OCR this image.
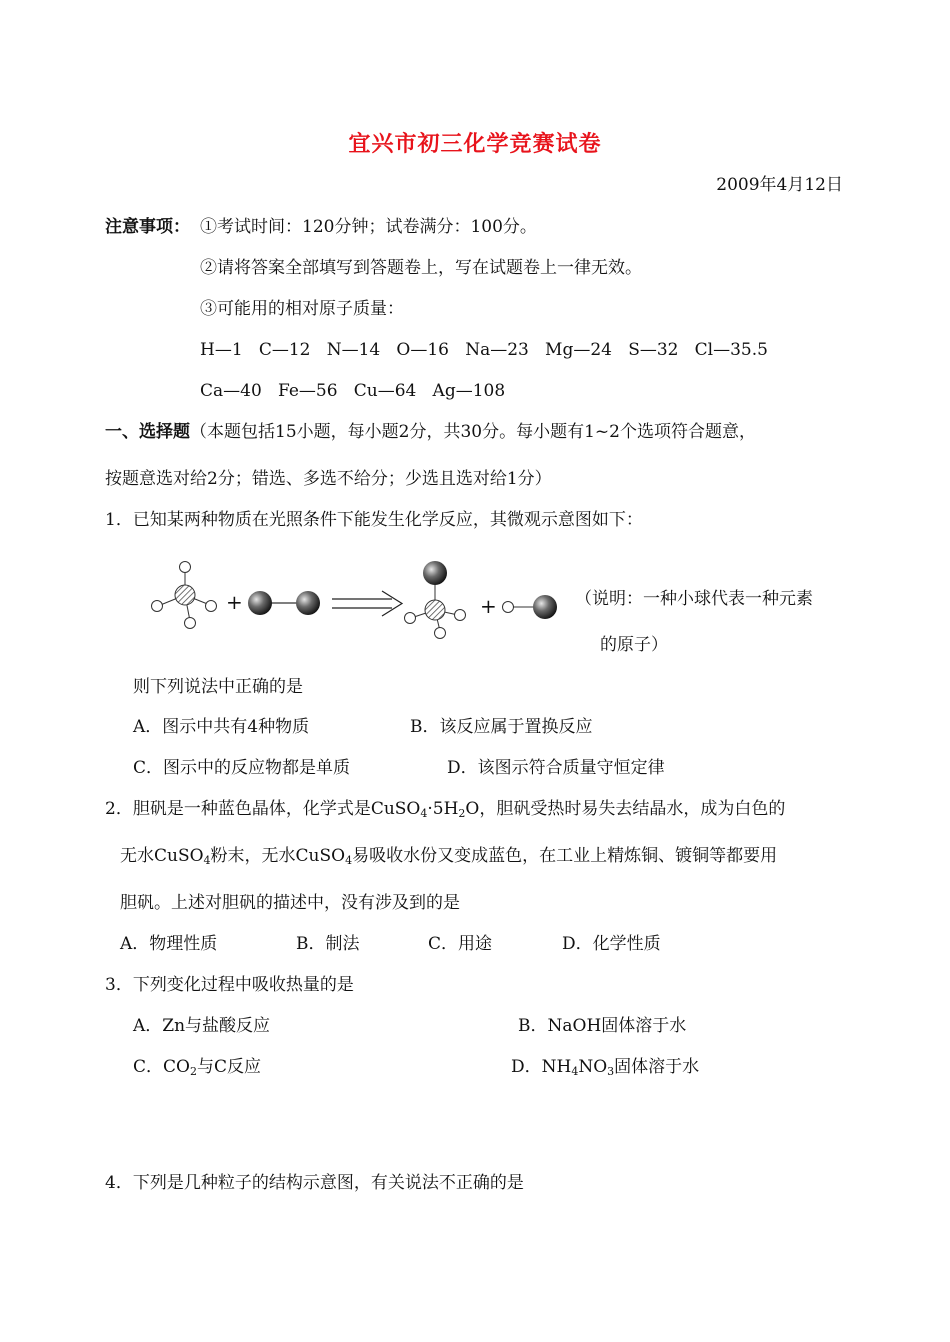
宜兴市初三化学竞赛试卷
2009年4月12日
注意事项： ①考试时间：120分钟；试卷满分：100分。
②请将答案全部填写到答题卷上，写在试题卷上一律无效。
③可能用的相对原子质量：
H—1   C—12   N—14   O—16   Na—23   Mg—24   S—32   Cl—35.5
Ca—40   Fe—56   Cu—64   Ag—108
一、选择题（本题包括15小题，每小题2分，共30分。每小题有1~2个选项符合题意，
按题意选对给2分；错选、多选不给分；少选且选对给1分）
1．已知某两种物质在光照条件下能发生化学反应，其微观示意图如下：
+	+	（说明：一种小球代表一种元素
的原子）
则下列说法中正确的是
A．图示中共有4种物质	B．该反应属于置换反应
C．图示中的反应物都是单质	D．该图示符合质量守恒定律
2．胆矾是一种蓝色晶体，化学式是$CuSO_4\cdot 5H_2O$，胆矾受热时易失去结晶水，成为白色的
无水CuSO$_4$粉末，无水CuSO$_4$易吸收水份又变成蓝色，在工业上精炼铜、镀铜等都要用
胆矾。上述对胆矾的描述中，没有涉及到的是
A．物理性质	B．制法	C．用途	D．化学性质
3．下列变化过程中吸收热量的是
A．Zn与盐酸反应	B．NaOH固体溶于水
C．$CO_2$与C反应	D．$NH_4NO_3$固体溶于水
4．下列是几种粒子的结构示意图，有关说法不正确的是
